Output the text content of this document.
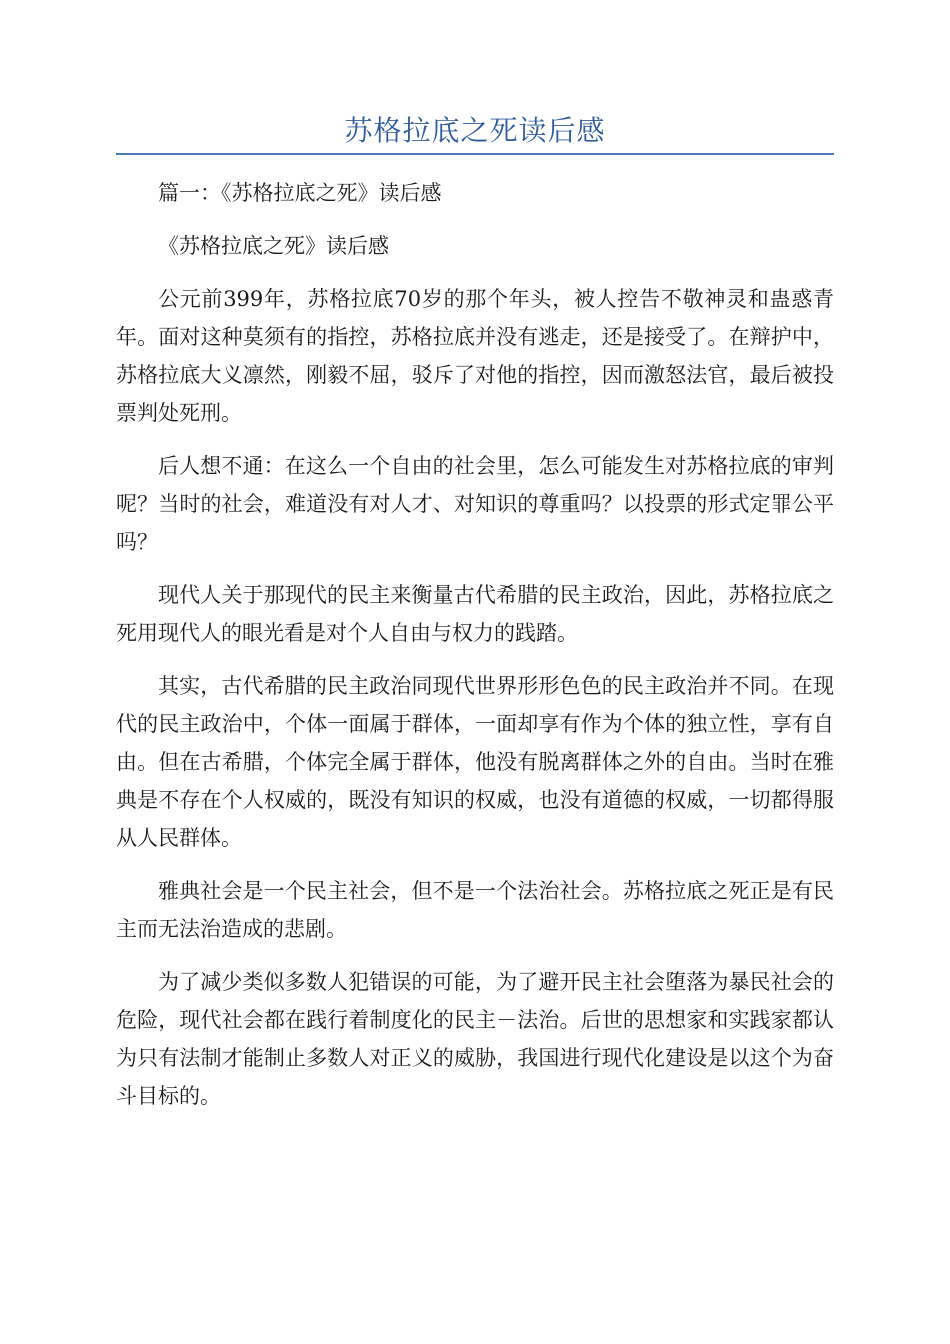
苏格拉底之死读后感

篇一：《苏格拉底之死》读后感

《苏格拉底之死》读后感

公元前399年，苏格拉底70岁的那个年头，被人控告不敬神灵和蛊惑青年。面对这种莫须有的指控，苏格拉底并没有逃走，还是接受了。在辩护中，苏格拉底大义凛然，刚毅不屈，驳斥了对他的指控，因而激怒法官，最后被投票判处死刑。

后人想不通：在这么一个自由的社会里，怎么可能发生对苏格拉底的审判呢？当时的社会，难道没有对人才、对知识的尊重吗？以投票的形式定罪公平吗？

现代人关于那现代的民主来衡量古代希腊的民主政治，因此，苏格拉底之死用现代人的眼光看是对个人自由与权力的践踏。

其实，古代希腊的民主政治同现代世界形形色色的民主政治并不同。在现代的民主政治中，个体一面属于群体，一面却享有作为个体的独立性，享有自由。但在古希腊，个体完全属于群体，他没有脱离群体之外的自由。当时在雅典是不存在个人权威的，既没有知识的权威，也没有道德的权威，一切都得服从人民群体。

雅典社会是一个民主社会，但不是一个法治社会。苏格拉底之死正是有民主而无法治造成的悲剧。

为了减少类似多数人犯错误的可能，为了避开民主社会堕落为暴民社会的危险，现代社会都在践行着制度化的民主－法治。后世的思想家和实践家都认为只有法制才能制止多数人对正义的威胁，我国进行现代化建设是以这个为奋斗目标的。
